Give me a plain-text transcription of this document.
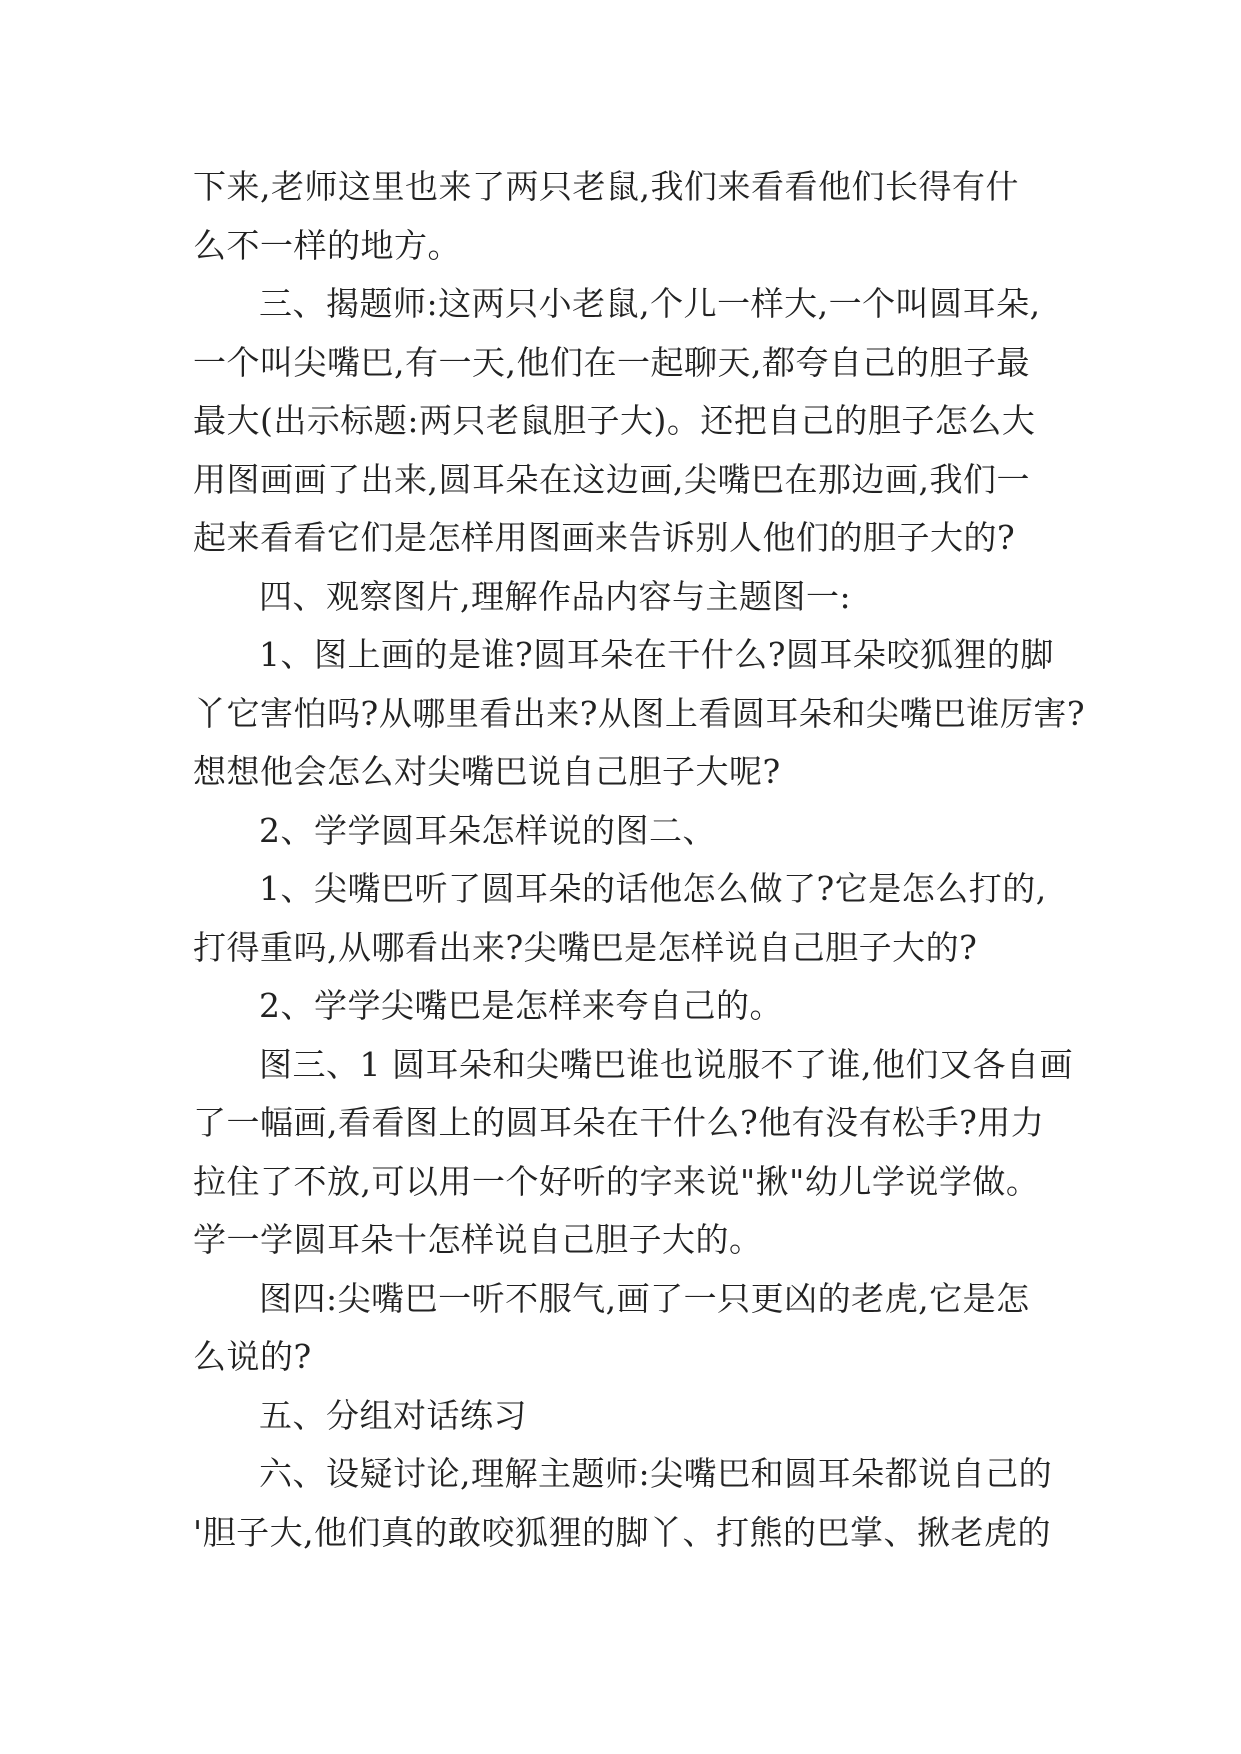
下来,老师这里也来了两只老鼠,我们来看看他们长得有什
么不一样的地方。
三、揭题师:这两只小老鼠,个儿一样大,一个叫圆耳朵,
一个叫尖嘴巴,有一天,他们在一起聊天,都夸自己的胆子最
最大(出示标题:两只老鼠胆子大)。还把自己的胆子怎么大
用图画画了出来,圆耳朵在这边画,尖嘴巴在那边画,我们一
起来看看它们是怎样用图画来告诉别人他们的胆子大的?
四、观察图片,理解作品内容与主题图一:
1、图上画的是谁?圆耳朵在干什么?圆耳朵咬狐狸的脚
丫它害怕吗?从哪里看出来?从图上看圆耳朵和尖嘴巴谁厉害?
想想他会怎么对尖嘴巴说自己胆子大呢?
2、学学圆耳朵怎样说的图二、
1、尖嘴巴听了圆耳朵的话他怎么做了?它是怎么打的,
打得重吗,从哪看出来?尖嘴巴是怎样说自己胆子大的?
2、学学尖嘴巴是怎样来夸自己的。
图三、1 圆耳朵和尖嘴巴谁也说服不了谁,他们又各自画
了一幅画,看看图上的圆耳朵在干什么?他有没有松手?用力
拉住了不放,可以用一个好听的字来说"揪"幼儿学说学做。
学一学圆耳朵十怎样说自己胆子大的。
图四:尖嘴巴一听不服气,画了一只更凶的老虎,它是怎
么说的?
五、分组对话练习
六、设疑讨论,理解主题师:尖嘴巴和圆耳朵都说自己的
'胆子大,他们真的敢咬狐狸的脚丫、打熊的巴掌、揪老虎的
